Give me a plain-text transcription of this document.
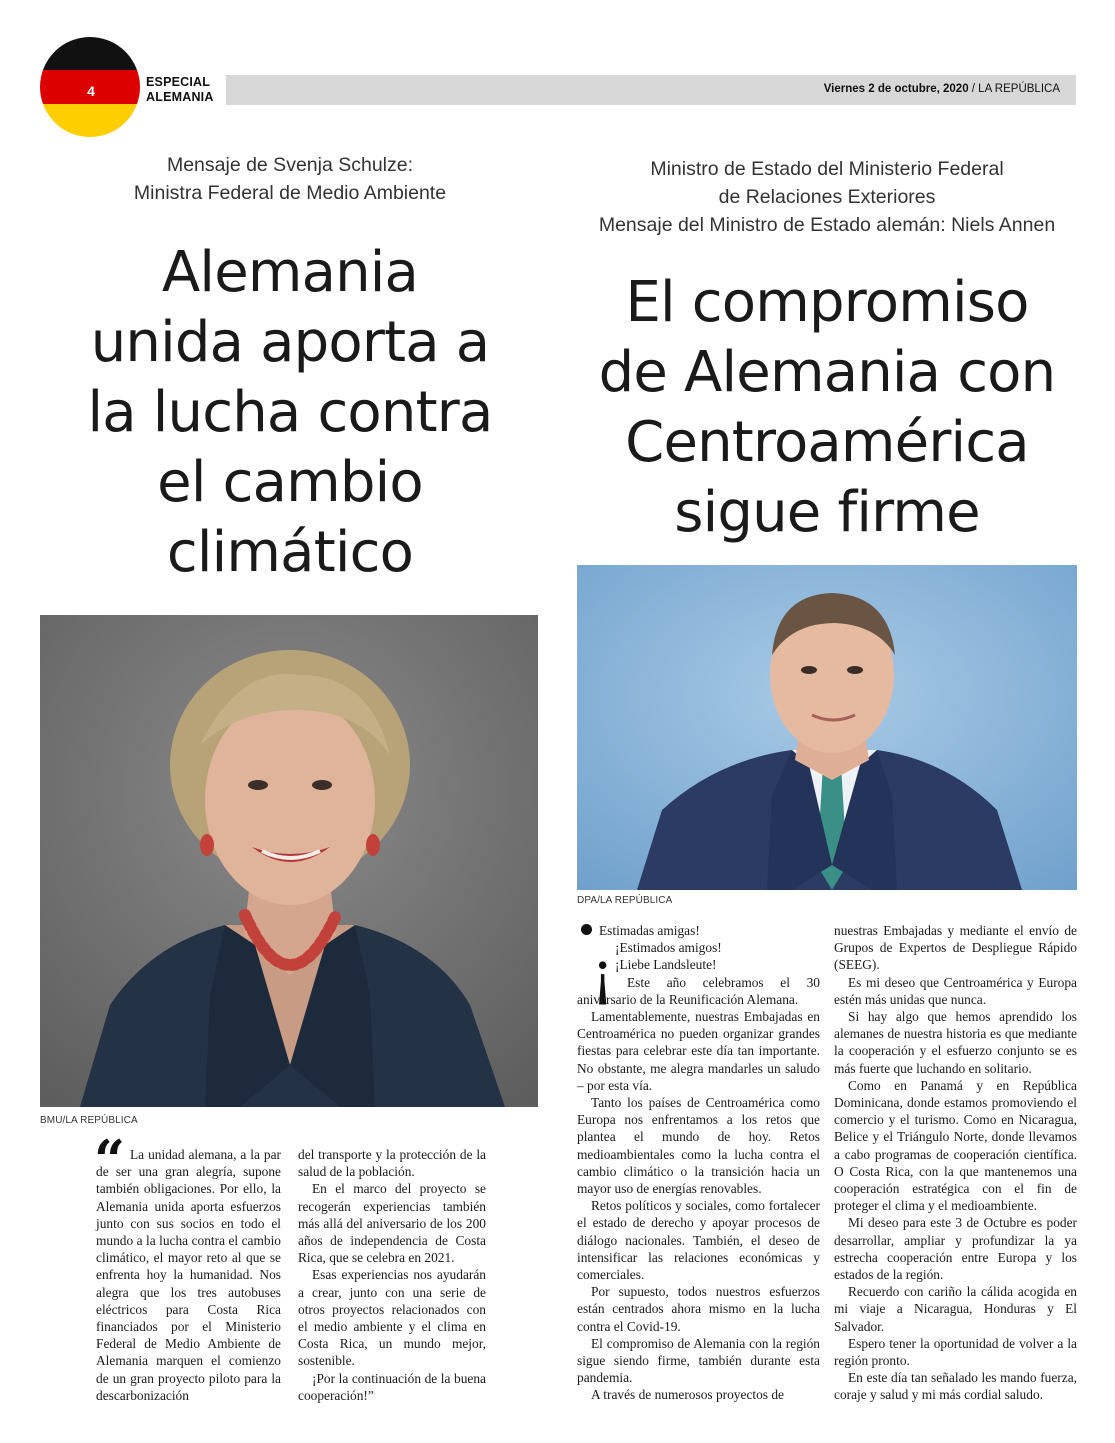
4
ESPECIAL
ALEMANIA
Viernes 2 de octubre, 2020 / LA REPÚBLICA
Mensaje de Svenja Schulze:
Ministra Federal de Medio Ambiente
Alemania
unida aporta a
la lucha contra
el cambio
climático
BMU/LA REPÚBLICA
“ La unidad alemana, a la par de ser una gran alegría, supone también obligaciones. Por ello, la Alemania unida aporta esfuerzos junto con sus socios en todo el mundo a la lucha contra el cambio climático, el mayor reto al que se enfrenta hoy la humanidad. Nos alegra que los tres autobuses eléctricos para Costa Rica financiados por el Ministerio Federal de Medio Ambiente de Alemania marquen el comienzo de un gran proyecto piloto para la descarbonización

del transporte y la protección de la salud de la población.

En el marco del proyecto se recogerán experiencias también más allá del aniversario de los 200 años de independencia de Costa Rica, que se celebra en 2021.

Esas experiencias nos ayudarán a crear, junto con una serie de otros proyectos relacionados con el medio ambiente y el clima en Costa Rica, un mundo mejor, sostenible.

¡Por la continuación de la buena cooperación!”

Ministro de Estado del Ministerio Federal
de Relaciones Exteriores
Mensaje del Ministro de Estado alemán: Niels Annen
El compromiso
de Alemania con
Centroamérica
sigue firme
DPA/LA REPÚBLICA
¡

Estimadas amigas!

¡Estimados amigos!

¡Liebe Landsleute!

Este año celebramos el 30 aniversario de la Reunificación Alemana.

Lamentablemente, nuestras Embajadas en Centroamérica no pueden organizar grandes fiestas para celebrar este día tan importante. No obstante, me alegra mandarles un saludo – por esta vía.

Tanto los países de Centroamérica como Europa nos enfrentamos a los retos que plantea el mundo de hoy. Retos medioambientales como la lucha contra el cambio climático o la transición hacia un mayor uso de energías renovables.

Retos políticos y sociales, como fortalecer el estado de derecho y apoyar procesos de diálogo nacionales. También, el deseo de intensificar las relaciones económicas y comerciales.

Por supuesto, todos nuestros esfuerzos están centrados ahora mismo en la lucha contra el Covid-19.

El compromiso de Alemania con la región sigue siendo firme, también durante esta pandemia.

A través de numerosos proyectos de

nuestras Embajadas y mediante el envío de Grupos de Expertos de Despliegue Rápido (SEEG).

Es mi deseo que Centroamérica y Europa estén más unidas que nunca.

Si hay algo que hemos aprendido los alemanes de nuestra historia es que mediante la cooperación y el esfuerzo conjunto se es más fuerte que luchando en solitario.

Como en Panamá y en República Dominicana, donde estamos promoviendo el comercio y el turismo. Como en Nicaragua, Belice y el Triángulo Norte, donde llevamos a cabo programas de cooperación científica. O Costa Rica, con la que mantenemos una cooperación estratégica con el fin de proteger el clima y el medioambiente.

Mi deseo para este 3 de Octubre es poder desarrollar, ampliar y profundizar la ya estrecha cooperación entre Europa y los estados de la región.

Recuerdo con cariño la cálida acogida en mi viaje a Nicaragua, Honduras y El Salvador.

Espero tener la oportunidad de volver a la región pronto.

En este día tan señalado les mando fuerza, coraje y salud y mi más cordial saludo.
